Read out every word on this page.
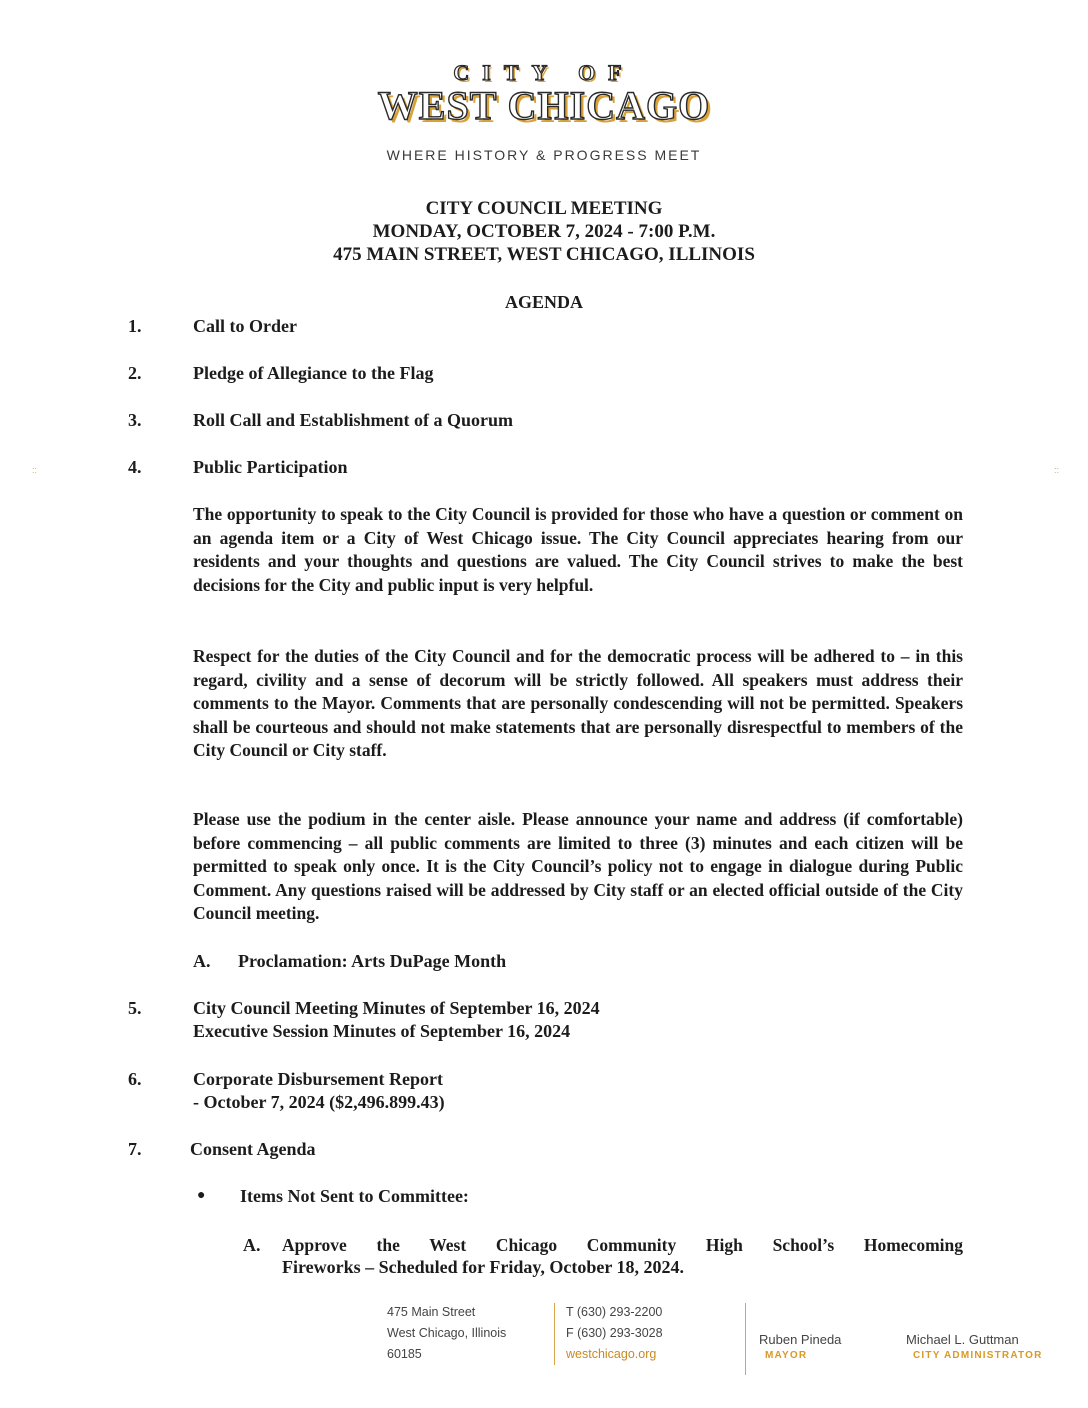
CITY OF
WEST CHICAGO
WHERE HISTORY & PROGRESS MEET
CITY COUNCIL MEETING
MONDAY, OCTOBER 7, 2024 - 7:00 P.M.
475 MAIN STREET, WEST CHICAGO, ILLINOIS
AGENDA
::	::
1.	Call to Order
2.	Pledge of Allegiance to the Flag
3.	Roll Call and Establishment of a Quorum
4.	Public Participation
The opportunity to speak to the City Council is provided for those who have a question or comment on an agenda item or a City of West Chicago issue. The City Council appreciates hearing from our residents and your thoughts and questions are valued. The City Council strives to make the best decisions for the City and public input is very helpful.
Respect for the duties of the City Council and for the democratic process will be adhered to – in this regard, civility and a sense of decorum will be strictly followed. All speakers must address their comments to the Mayor. Comments that are personally condescending will not be permitted. Speakers shall be courteous and should not make statements that are personally disrespectful to members of the City Council or City staff.
Please use the podium in the center aisle. Please announce your name and address (if comfortable) before commencing – all public comments are limited to three (3) minutes and each citizen will be permitted to speak only once. It is the City Council’s policy not to engage in dialogue during Public Comment. Any questions raised will be addressed by City staff or an elected official outside of the City Council meeting.
A. Proclamation: Arts DuPage Month
5.	City Council Meeting Minutes of September 16, 2024
Executive Session Minutes of September 16, 2024
6.	Corporate Disbursement Report
- October 7, 2024 ($2,496.899.43)
7.	Consent Agenda
● Items Not Sent to Committee:
A. Approve the West Chicago Community High School’s Homecoming
Fireworks – Scheduled for Friday, October 18, 2024.
475 Main Street
West Chicago, Illinois
60185
T (630) 293-2200
F (630) 293-3028
westchicago.org
Ruben Pineda
MAYOR
Michael L. Guttman
CITY ADMINISTRATOR
